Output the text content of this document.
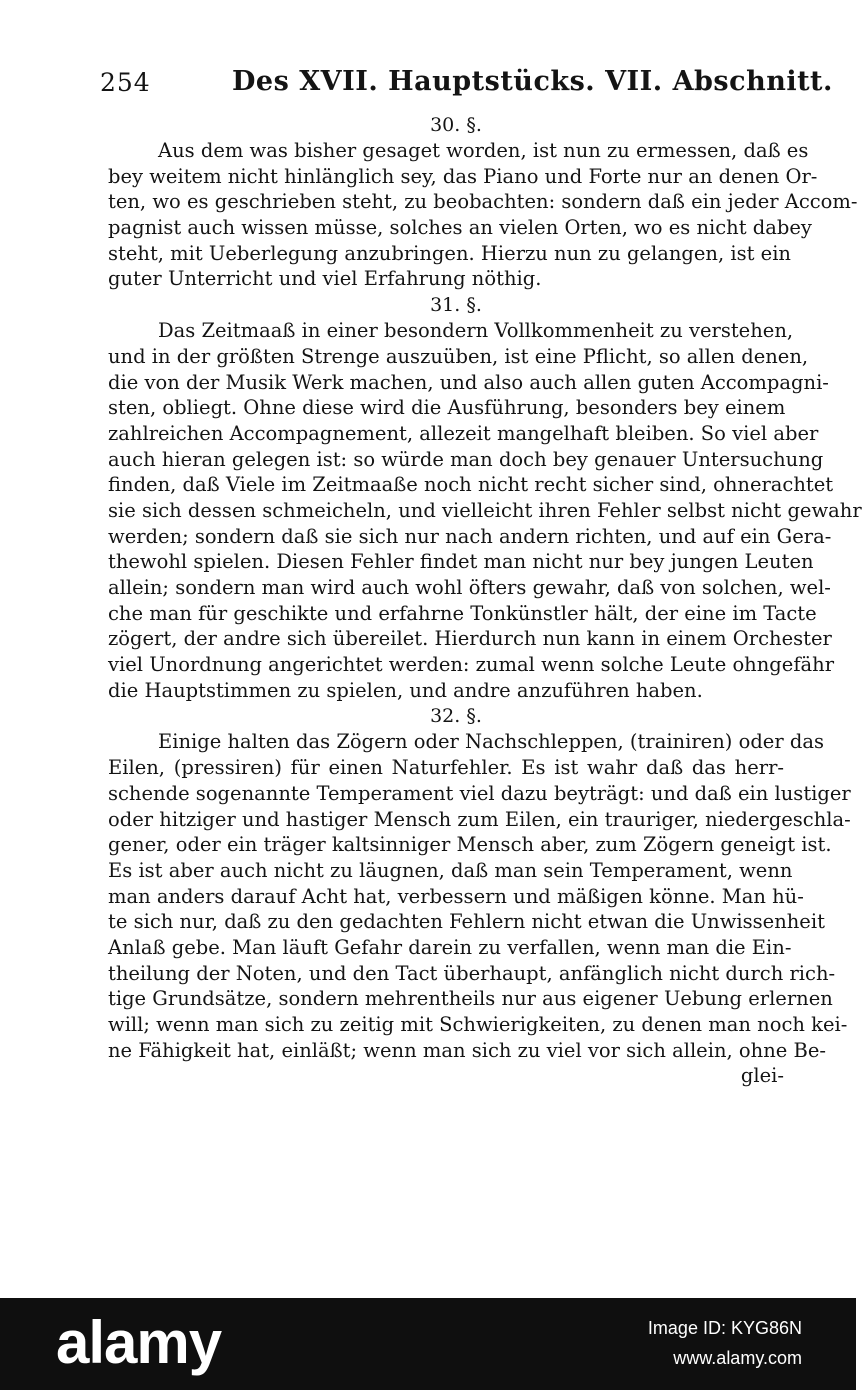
254	Des XVII. Hauptstücks. VII. Abschnitt.
30. §.
Aus dem was bisher gesaget worden, ist nun zu ermessen, daß es
bey weitem nicht hinlänglich sey, das Piano und Forte nur an denen Or-
ten, wo es geschrieben steht, zu beobachten: sondern daß ein jeder Accom-
pagnist auch wissen müsse, solches an vielen Orten, wo es nicht dabey
steht, mit Ueberlegung anzubringen. Hierzu nun zu gelangen, ist ein
guter Unterricht und viel Erfahrung nöthig.
31. §.
Das Zeitmaaß in einer besondern Vollkommenheit zu verstehen,
und in der größten Strenge auszuüben, ist eine Pflicht, so allen denen,
die von der Musik Werk machen, und also auch allen guten Accompagni-
sten, obliegt. Ohne diese wird die Ausführung, besonders bey einem
zahlreichen Accompagnement, allezeit mangelhaft bleiben. So viel aber
auch hieran gelegen ist: so würde man doch bey genauer Untersuchung
finden, daß Viele im Zeitmaaße noch nicht recht sicher sind, ohnerachtet
sie sich dessen schmeicheln, und vielleicht ihren Fehler selbst nicht gewahr
werden; sondern daß sie sich nur nach andern richten, und auf ein Gera-
thewohl spielen. Diesen Fehler findet man nicht nur bey jungen Leuten
allein; sondern man wird auch wohl öfters gewahr, daß von solchen, wel-
che man für geschikte und erfahrne Tonkünstler hält, der eine im Tacte
zögert, der andre sich übereilet. Hierdurch nun kann in einem Orchester
viel Unordnung angerichtet werden: zumal wenn solche Leute ohngefähr
die Hauptstimmen zu spielen, und andre anzuführen haben.
32. §.
Einige halten das Zögern oder Nachschleppen, (trainiren) oder das
Eilen, (pressiren) für einen Naturfehler. Es ist wahr daß das herr-
schende sogenannte Temperament viel dazu beyträgt: und daß ein lustiger
oder hitziger und hastiger Mensch zum Eilen, ein trauriger, niedergeschla-
gener, oder ein träger kaltsinniger Mensch aber, zum Zögern geneigt ist.
Es ist aber auch nicht zu läugnen, daß man sein Temperament, wenn
man anders darauf Acht hat, verbessern und mäßigen könne. Man hü-
te sich nur, daß zu den gedachten Fehlern nicht etwan die Unwissenheit
Anlaß gebe. Man läuft Gefahr darein zu verfallen, wenn man die Ein-
theilung der Noten, und den Tact überhaupt, anfänglich nicht durch rich-
tige Grundsätze, sondern mehrentheils nur aus eigener Uebung erlernen
will; wenn man sich zu zeitig mit Schwierigkeiten, zu denen man noch kei-
ne Fähigkeit hat, einläßt; wenn man sich zu viel vor sich allein, ohne Be-
glei-
alamy	Image ID: KYG86N
www.alamy.com
